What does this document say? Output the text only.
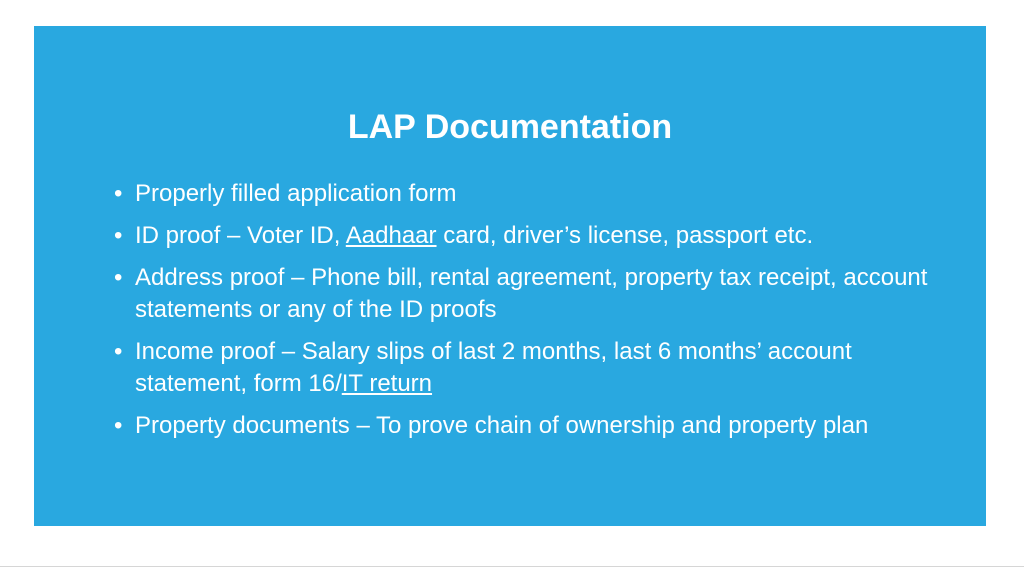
LAP Documentation
• Properly filled application form
• ID proof – Voter ID, Aadhaar card, driver’s license, passport etc.
• Address proof – Phone bill, rental agreement, property tax receipt, account statements or any of the ID proofs
• Income proof – Salary slips of last 2 months, last 6 months’ account statement, form 16/IT return
• Property documents – To prove chain of ownership and property plan
